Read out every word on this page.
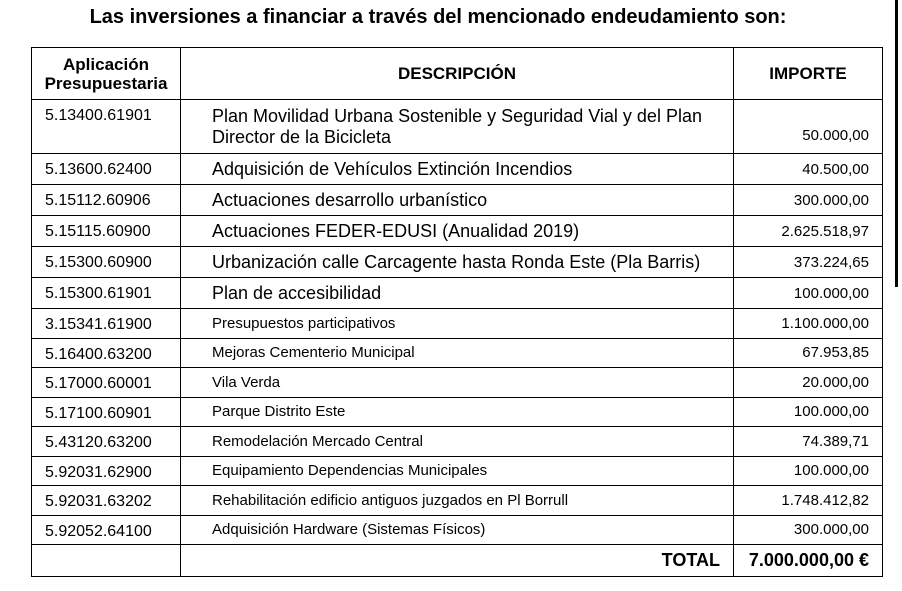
Las inversiones a financiar a través del mencionado endeudamiento son:
Aplicación
Presupuestaria	DESCRIPCIÓN	IMPORTE
5.13400.61901	Plan Movilidad Urbana Sostenible y Seguridad Vial y del Plan Director de la Bicicleta	50.000,00
5.13600.62400	Adquisición de Vehículos Extinción Incendios	40.500,00
5.15112.60906	Actuaciones desarrollo urbanístico	300.000,00
5.15115.60900	Actuaciones FEDER-EDUSI (Anualidad 2019)	2.625.518,97
5.15300.60900	Urbanización calle Carcagente hasta Ronda Este (Pla Barris)	373.224,65
5.15300.61901	Plan de accesibilidad	100.000,00
3.15341.61900	Presupuestos participativos	1.100.000,00
5.16400.63200	Mejoras Cementerio Municipal	67.953,85
5.17000.60001	Vila Verda	20.000,00
5.17100.60901	Parque Distrito Este	100.000,00
5.43120.63200	Remodelación Mercado Central	74.389,71
5.92031.62900	Equipamiento Dependencias Municipales	100.000,00
5.92031.63202	Rehabilitación edificio antiguos juzgados en Pl Borrull	1.748.412,82
5.92052.64100	Adquisición Hardware (Sistemas Físicos)	300.000,00
	TOTAL	7.000.000,00 €
